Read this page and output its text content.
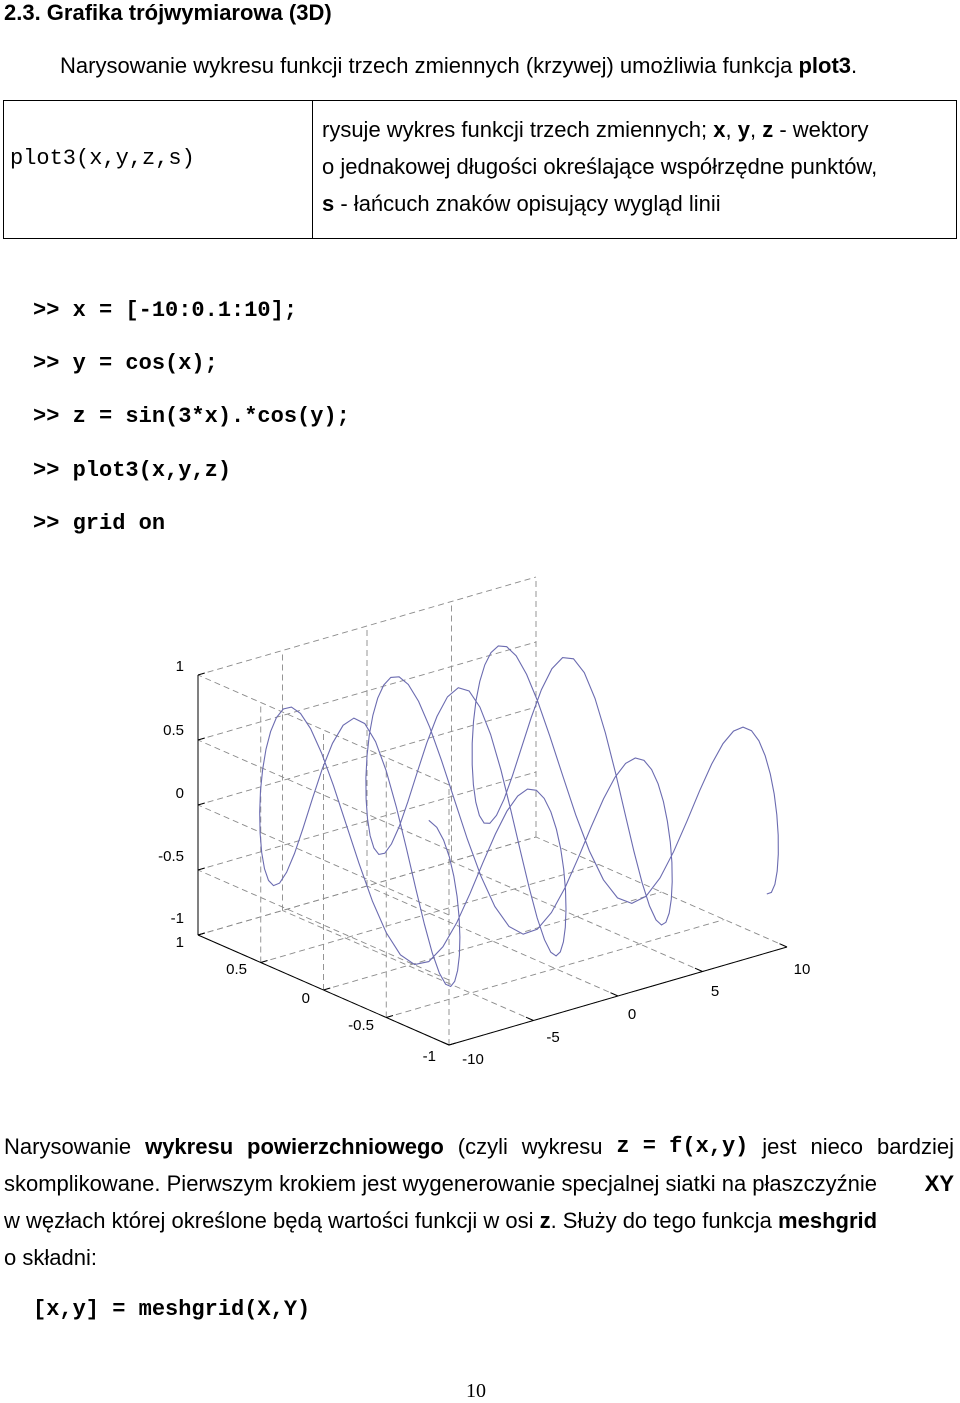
2.3. Grafika trójwymiarowa (3D)
Narysowanie wykresu funkcji trzech zmiennych (krzywej) umożliwia funkcja plot3.
plot3(x,y,z,s)
rysuje wykres funkcji trzech zmiennych; x, y, z - wektory
o jednakowej długości określające współrzędne punktów,
s - łańcuch znaków opisujący wygląd linii
>> x = [-10:0.1:10];
>> y = cos(x);
>> z = sin(3*x).*cos(y);
>> plot3(x,y,z)
>> grid on
1
0.5
0
-0.5
-1
1
0.5
0
-0.5
-1 -10
-5
0
5
10
Narysowanie wykresu powierzchniowego (czyli wykresu z = f(x,y) jest nieco bardziej
skomplikowane. Pierwszym krokiem jest wygenerowanie specjalnej siatki na płaszczyźnie XY
w węzłach której określone będą wartości funkcji w osi z. Służy do tego funkcja meshgrid
o składni:
[x,y] = meshgrid(X,Y)
10
